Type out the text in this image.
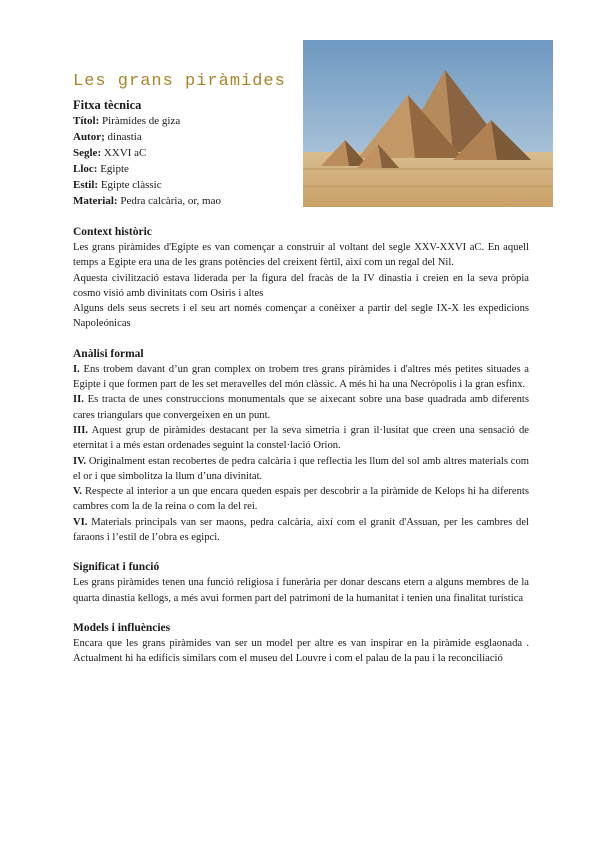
Les grans piràmides

Fitxa tècnica

Títol: Piràmides de giza
Autor; dinastia
Segle: XXVI aC
Lloc: Egipte
Estil: Egipte clàssic
Material: Pedra calcària, or, mao

Context històric

Les grans piràmides d'Egipte es van començar a construir al voltant del segle XXV-XXVI aC. En aquell temps a Egipte era una de les grans potències del creixent fèrtil, així com un regal del Nil.

Aquesta civilització estava liderada per la figura del fracàs de la IV dinastia i creien en la seva pròpia cosmo visió amb divinitats com Osiris i altes

Alguns dels seus secrets i el seu art només començar a conèixer a partir del segle IX-X les expedicions Napoleónicas

Anàlisi formal

I. Ens trobem davant d’un gran complex on trobem tres grans piràmides i d'altres més petites situades a Egipte i que formen part de les set meravelles del món clàssic. A més hi ha una Necròpolis i la gran esfinx.

II. Es tracta de unes construccions monumentals que se aixecant sobre una base quadrada amb diferents cares triangulars que convergeixen en un punt.

III. Aquest grup de piràmides destacant per la seva simetria i gran il·lusitat que creen una sensació de eternitat i a més estan ordenades seguint la constel·lació Orion.

IV. Originalment estan recobertes de pedra calcària i que reflectia les llum del sol amb altres materials com el or i que simbolitza la llum d’una divinitat.

V. Respecte al interior a un que encara queden espais per descobrir a la piràmide de Kelops hi ha diferents cambres com la de la reina o com la del rei.

VI. Materials principals van ser maons, pedra calcària, així com el granit d'Assuan, per les cambres del faraons i l’estil de l’obra es egipci.

Significat i funció

Les grans piràmides tenen una funció religiosa i funerària per donar descans etern a alguns membres de la quarta dinastia kellogs, a més avui formen part del patrimoni de la humanitat i tenien una finalitat turística

Models i influències

Encara que les grans piràmides van ser un model per altre es van inspirar en la piràmide esglaonada . Actualment hi ha edificis similars com el museu del Louvre i com el palau de la pau i la reconciliació
